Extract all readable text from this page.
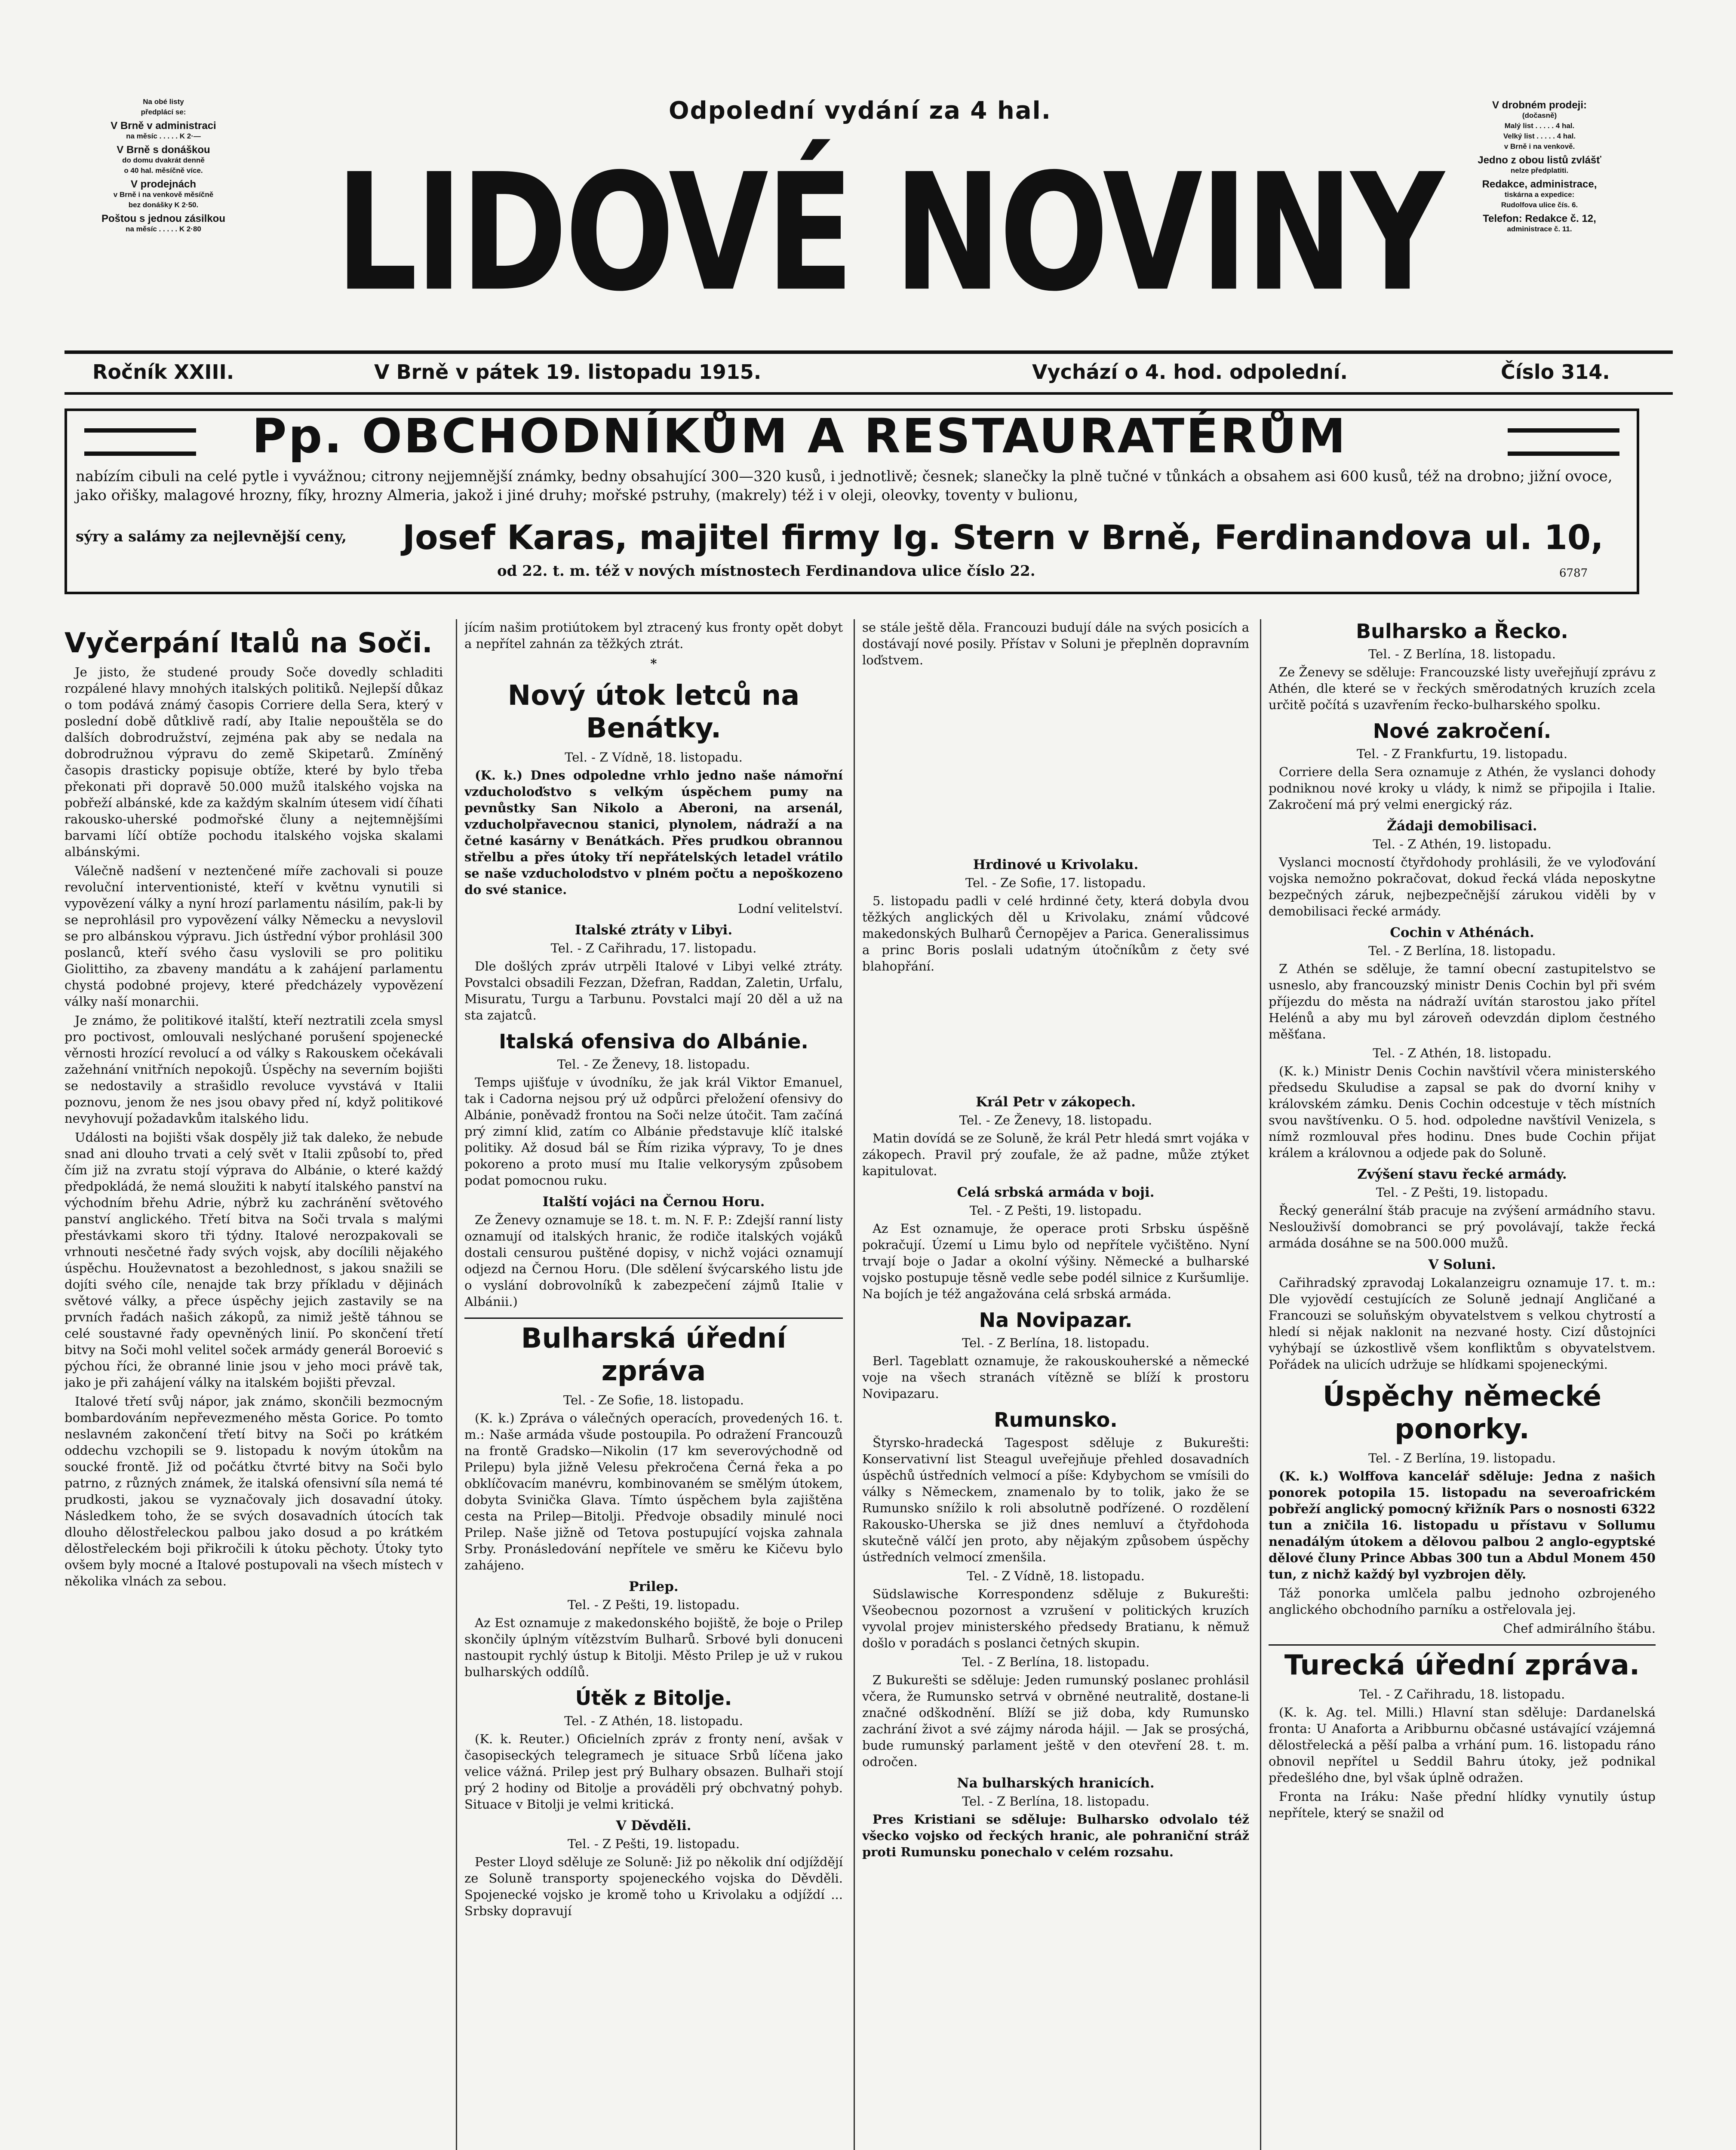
Na obé listy
předplácí se:
V Brně v administraci
na měsíc . . . . . K 2·—
V Brně s donáškou
do domu dvakrát denně
o 40 hal. měsíčně více.
V prodejnách
v Brně i na venkově měsíčně
bez donášky K 2·50.
Poštou s jednou zásilkou
na měsíc . . . . . K 2·80
Odpolední vydání za 4 hal.
LIDOVÉ NOVINY
V drobném prodeji:
(dočasně)
Malý list . . . . . 4 hal.
Velký list . . . . . 4 hal.
v Brně i na venkově.
Jedno z obou listů zvlášť
nelze předplatiti.
Redakce, administrace,
tiskárna a expedice:
Rudolfova ulice čís. 6.
Telefon: Redakce č. 12,
administrace č. 11.
Ročník XXIII.	V Brně v pátek 19. listopadu 1915.	Vychází o 4. hod. odpolední.	Číslo 314.
Pp. OBCHODNÍKŮM A RESTAURATÉRŮM
nabízím cibuli na celé pytle i vyvážnou; citrony nejjemnější známky, bedny obsahující 300—320 kusů, i jednotlivě; česnek; slanečky la plně tučné v tůnkách a obsahem asi 600 kusů, též na drobno; jižní ovoce, jako ořišky, malagové hrozny, fíky, hrozny Almeria, jakož i jiné druhy; mořské pstruhy, (makrely) též i v oleji, oleovky, toventy v bulionu,
sýry a salámy za nejlevnější ceny,	Josef Karas, majitel firmy Ig. Stern v Brně, Ferdinandova ul. 10,
od 22. t. m. též v nových místnostech Ferdinandova ulice číslo 22.	6787
Vyčerpání Italů na Soči.

Je jisto, že studené proudy Soče dovedly schladiti rozpálené hlavy mnohých italských politiků. Nejlepší důkaz o tom podává známý časopis Corriere della Sera, který v poslední době důtklivě radí, aby Italie nepouštěla se do dalších dobrodružství, zejména pak aby se nedala na dobrodružnou výpravu do země Skipetarů. Zmíněný časopis drasticky popisuje obtíže, které by bylo třeba překonati při dopravě 50.000 mužů italského vojska na pobřeží albánské, kde za každým skalním útesem vidí číhati rakousko-uherské podmořské čluny a nejtemnějšími barvami líčí obtíže pochodu italského vojska skalami albánskými.

Válečně nadšení v neztenčené míře zachovali si pouze revoluční interventionisté, kteří v květnu vynutili si vypovězení války a nyní hrozí parlamentu násilím, pak-li by se neprohlásil pro vypovězení války Německu a nevyslovil se pro albánskou výpravu. Jich ústřední výbor prohlásil 300 poslanců, kteří svého času vyslovili se pro politiku Giolittiho, za zbaveny mandátu a k zahájení parlamentu chystá podobné projevy, které předcházely vypovězení války naší monarchii.

Je známo, že politikové italští, kteří neztratili zcela smysl pro poctivost, omlouvali neslýchané porušení spojenecké věrnosti hrozící revolucí a od války s Rakouskem očekávali zažehnání vnitřních nepokojů. Úspěchy na severním bojišti se nedostavily a strašidlo revoluce vyvstává v Italii poznovu, jenom že nes jsou obavy před ní, když politikové nevyhovují požadavkům italského lidu.

Události na bojišti však dospěly již tak daleko, že nebude snad ani dlouho trvati a celý svět v Italii způsobí to, před čím již na zvratu stojí výprava do Albánie, o které každý předpokládá, že nemá sloužiti k nabytí italského panství na východním břehu Adrie, nýbrž ku zachránění světového panství anglického. Třetí bitva na Soči trvala s malými přestávkami skoro tři týdny. Italové nerozpakovali se vrhnouti nesčetné řady svých vojsk, aby docílili nějakého úspěchu. Houževnatost a bezohlednost, s jakou snažili se dojíti svého cíle, nenajde tak brzy příkladu v dějinách světové války, a přece úspěchy jejich zastavily se na prvních řadách našich zákopů, za nimiž ještě táhnou se celé soustavné řady opevněných linií. Po skončení třetí bitvy na Soči mohl velitel soček armády generál Boroević s pýchou říci, že obranné linie jsou v jeho moci právě tak, jako je při zahájení války na italském bojišti převzal.

Italové třetí svůj nápor, jak známo, skončili bezmocným bombardováním nepřevezmeného města Gorice. Po tomto neslavném zakončení třetí bitvy na Soči po krátkém oddechu vzchopili se 9. listopadu k novým útokům na soucké frontě. Již od počátku čtvrté bitvy na Soči bylo patrno, z různých známek, že italská ofensivní síla nemá té prudkosti, jakou se vyznačovaly jich dosavadní útoky. Následkem toho, že se svých dosavadních útocích tak dlouho dělostřeleckou palbou jako dosud a po krátkém dělostřeleckém boji přikročili k útoku pěchoty. Útoky tyto ovšem byly mocné a Italové postupovali na všech místech v několika vlnách za sebou.

jícím našim protiútokem byl ztracený kus fronty opět dobyt a nepřítel zahnán za těžkých ztrát.

*
Nový útok letců na Benátky.
Tel. - Z Vídně, 18. listopadu.

(K. k.) Dnes odpoledne vrhlo jedno naše námořní vzducholoďstvo s velkým úspěchem pumy na pevnůstky San Nikolo a Aberoni, na arsenál, vzducholpřavecnou stanici, plynolem, nádraží a na četné kasárny v Benátkách. Přes prudkou obrannou střelbu a přes útoky tří nepřátelských letadel vrátilo se naše vzducholodstvo v plném počtu a nepoškozeno do své stanice.

Lodní velitelství.
Italské ztráty v Libyi.
Tel. - Z Cařihradu, 17. listopadu.

Dle došlých zpráv utrpěli Italové v Libyi velké ztráty. Povstalci obsadili Fezzan, Džefran, Raddan, Zaletin, Urfalu, Misuratu, Turgu a Tarbunu. Povstalci mají 20 děl a už na sta zajatců.

Italská ofensiva do Albánie.
Tel. - Ze Ženevy, 18. listopadu.

Temps ujišťuje v úvodníku, že jak král Viktor Emanuel, tak i Cadorna nejsou prý už odpůrci přeložení ofensivy do Albánie, poněvadž frontou na Soči nelze útočit. Tam začíná prý zimní klid, zatím co Albánie představuje klíč italské politiky. Až dosud bál se Řím rizika výpravy, To je dnes pokoreno a proto musí mu Italie velkorysým způsobem podat pomocnou ruku.

Italští vojáci na Černou Horu.

Ze Ženevy oznamuje se 18. t. m. N. F. P.: Zdejší ranní listy oznamují od italských hranic, že rodiče italských vojáků dostali censurou puštěné dopisy, v nichž vojáci oznamují odjezd na Černou Horu. (Dle sdělení švýcarského listu jde o vyslání dobrovolníků k zabezpečení zájmů Italie v Albánii.)

Bulharská úřední zpráva
Tel. - Ze Sofie, 18. listopadu.

(K. k.) Zpráva o válečných operacích, provedených 16. t. m.: Naše armáda všude postoupila. Po odražení Francouzů na frontě Gradsko—Nikolin (17 km severovýchodně od Prilepu) byla jižně Velesu překročena Černá řeka a po obklíčovacím manévru, kombinovaném se smělým útokem, dobyta Svinička Glava. Tímto úspěchem byla zajištěna cesta na Prilep—Bitolji. Předvoje obsadily minulé noci Prilep. Naše jižně od Tetova postupující vojska zahnala Srby. Pronásledování nepřítele ve směru ke Kičevu bylo zahájeno.

Prilep.
Tel. - Z Pešti, 19. listopadu.

Az Est oznamuje z makedonského bojiště, že boje o Prilep skončily úplným vítězstvím Bulharů. Srbové byli donuceni nastoupit rychlý ústup k Bitolji. Město Prilep je už v rukou bulharských oddílů.

Útěk z Bitolje.
Tel. - Z Athén, 18. listopadu.

(K. k. Reuter.) Oficielních zpráv z fronty není, avšak v časopiseckých telegramech je situace Srbů líčena jako velice vážná. Prilep jest prý Bulhary obsazen. Bulhaři stojí prý 2 hodiny od Bitolje a prováděli prý obchvatný pohyb. Situace v Bitolji je velmi kritická.

V Děvděli.
Tel. - Z Pešti, 19. listopadu.

Pester Lloyd sděluje ze Soluně: Již po několik dní odjíždějí ze Soluně transporty spojeneckého vojska do Děvděli. Spojenecké vojsko je kromě toho u Krivolaku a odjíždí ... Srbsky dopravují

se stále ještě děla. Francouzi budují dále na svých posicích a dostávají nové posily. Přístav v Soluni je přeplněn dopravním loďstvem.

Hrdinové u Krivolaku.
Tel. - Ze Sofie, 17. listopadu.

5. listopadu padli v celé hrdinné čety, která dobyla dvou těžkých anglických děl u Krivolaku, známí vůdcové makedonských Bulharů Černopějev a Parica. Generalissimus a princ Boris poslali udatným útočníkům z čety své blahopřání.

Král Petr v zákopech.
Tel. - Ze Ženevy, 18. listopadu.

Matin dovídá se ze Soluně, že král Petr hledá smrt vojáka v zákopech. Pravil prý zoufale, že až padne, může ztýket kapitulovat.

Celá srbská armáda v boji.
Tel. - Z Pešti, 19. listopadu.

Az Est oznamuje, že operace proti Srbsku úspěšně pokračují. Území u Limu bylo od nepřítele vyčištěno. Nyní trvají boje o Jadar a okolní výšiny. Německé a bulharské vojsko postupuje těsně vedle sebe podél silnice z Kuršumlije. Na bojích je též angažována celá srbská armáda.

Na Novipazar.
Tel. - Z Berlína, 18. listopadu.

Berl. Tageblatt oznamuje, že rakouskouherské a německé voje na všech stranách vítězně se blíží k prostoru Novipazaru.

Rumunsko.

Štyrsko-hradecká Tagespost sděluje z Bukurešti: Konservativní list Steagul uveřejňuje přehled dosavadních úspěchů ústředních velmocí a píše: Kdybychom se vmísili do války s Německem, znamenalo by to tolik, jako že se Rumunsko snížilo k roli absolutně podřízené. O rozdělení Rakousko-Uherska se již dnes nemluví a čtyřdohoda skutečně válčí jen proto, aby nějakým způsobem úspěchy ústředních velmocí zmenšila.

Tel. - Z Vídně, 18. listopadu.

Südslawische Korrespondenz sděluje z Bukurešti: Všeobecnou pozornost a vzrušení v politických kruzích vyvolal projev ministerského předsedy Bratianu, k němuž došlo v poradách s poslanci četných skupin.

Tel. - Z Berlína, 18. listopadu.

Z Bukurešti se sděluje: Jeden rumunský poslanec prohlásil včera, že Rumunsko setrvá v obrněné neutralitě, dostane-li značné odškodnění. Blíží se již doba, kdy Rumunsko zachrání život a své zájmy národa hájil. — Jak se prosýchá, bude rumunský parlament ještě v den otevření 28. t. m. odročen.

Na bulharských hranicích.
Tel. - Z Berlína, 18. listopadu.

Pres Kristiani se sděluje: Bulharsko odvolalo též všecko vojsko od řeckých hranic, ale pohraniční stráž proti Rumunsku ponechalo v celém rozsahu.

Bulharsko a Řecko.
Tel. - Z Berlína, 18. listopadu.

Ze Ženevy se sděluje: Francouzské listy uveřejňují zprávu z Athén, dle které se v řeckých směrodatných kruzích zcela určitě počítá s uzavřením řecko-bulharského spolku.

Nové zakročení.
Tel. - Z Frankfurtu, 19. listopadu.

Corriere della Sera oznamuje z Athén, že vyslanci dohody podniknou nové kroky u vlády, k nimž se připojila i Italie. Zakročení má prý velmi energický ráz.

Žádaji demobilisaci.
Tel. - Z Athén, 19. listopadu.

Vyslanci mocností čtyřdohody prohlásili, že ve vyloďování vojska nemožno pokračovat, dokud řecká vláda neposkytne bezpečných záruk, nejbezpečnější zárukou viděli by v demobilisaci řecké armády.

Cochin v Athénách.
Tel. - Z Berlína, 18. listopadu.

Z Athén se sděluje, že tamní obecní zastupitelstvo se usneslo, aby francouzský ministr Denis Cochin byl při svém příjezdu do města na nádraží uvítán starostou jako přítel Helénů a aby mu byl zároveň odevzdán diplom čestného měšťana.

Tel. - Z Athén, 18. listopadu.

(K. k.) Ministr Denis Cochin navštívil včera ministerského předsedu Skuludise a zapsal se pak do dvorní knihy v královském zámku. Denis Cochin odcestuje v těch místních svou navštívenku. O 5. hod. odpoledne navštívil Venizela, s nímž rozmlouval přes hodinu. Dnes bude Cochin přijat králem a královnou a odjede pak do Soluně.

Zvýšení stavu řecké armády.
Tel. - Z Pešti, 19. listopadu.

Řecký generální štáb pracuje na zvýšení armádního stavu. Neslouživší domobranci se prý povolávají, takže řecká armáda dosáhne se na 500.000 mužů.

V Soluni.

Cařihradský zpravodaj Lokalanzeigru oznamuje 17. t. m.: Dle vyjovědí cestujících ze Soluně jednají Angličané a Francouzi se soluňským obyvatelstvem s velkou chytrostí a hledí si nějak naklonit na nezvané hosty. Cizí důstojníci vyhýbají se úzkostlivě všem konfliktům s obyvatelstvem. Pořádek na ulicích udržuje se hlídkami spojeneckými.

Úspěchy německé ponorky.
Tel. - Z Berlína, 19. listopadu.

(K. k.) Wolffova kancelář sděluje: Jedna z našich ponorek potopila 15. listopadu na severoafrickém pobřeží anglický pomocný křižník Pars o nosnosti 6322 tun a zničila 16. listopadu u přístavu v Sollumu nenadálým útokem a dělovou palbou 2 anglo-egyptské dělové čluny Prince Abbas 300 tun a Abdul Monem 450 tun, z nichž každý byl vyzbrojen děly.

Táž ponorka umlčela palbu jednoho ozbrojeného anglického obchodního parníku a ostřelovala jej.

Chef admirálního štábu.
Turecká úřední zpráva.
Tel. - Z Cařihradu, 18. listopadu.

(K. k. Ag. tel. Milli.) Hlavní stan sděluje: Dardanelská fronta: U Anaforta a Aribburnu občasné ustávající vzájemná dělostřelecká a pěší palba a vrhání pum. 16. listopadu ráno obnovil nepřítel u Seddil Bahru útoky, jež podnikal předešlého dne, byl však úplně odražen.

Fronta na Iráku: Naše přední hlídky vynutily ústup nepřítele, který se snažil od
